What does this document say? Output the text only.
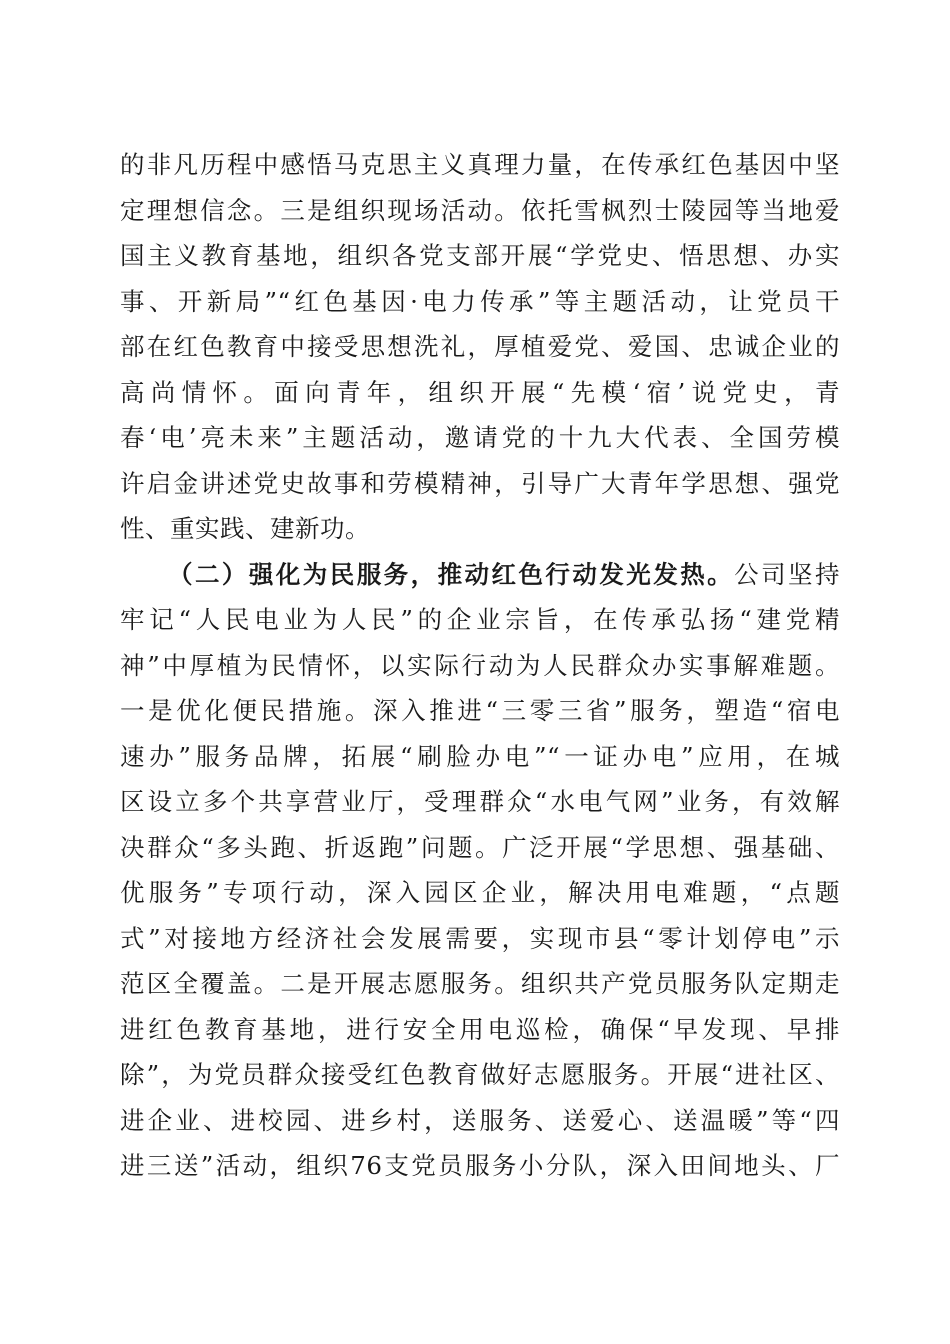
的非凡历程中感悟马克思主义真理力量，在传承红色基因中坚
定理想信念。三是组织现场活动。依托雪枫烈士陵园等当地爱
国主义教育基地，组织各党支部开展“学党史、悟思想、办实
事、开新局”“红色基因·电力传承”等主题活动，让党员干
部在红色教育中接受思想洗礼，厚植爱党、爱国、忠诚企业的
高尚情怀。面向青年，组织开展“先模‘宿’说党史，青
春‘电’亮未来”主题活动，邀请党的十九大代表、全国劳模
许启金讲述党史故事和劳模精神，引导广大青年学思想、强党
性、重实践、建新功。
（二）强化为民服务，推动红色行动发光发热。公司坚持
牢记“人民电业为人民”的企业宗旨，在传承弘扬“建党精
神”中厚植为民情怀，以实际行动为人民群众办实事解难题。
一是优化便民措施。深入推进“三零三省”服务，塑造“宿电
速办”服务品牌，拓展“刷脸办电”“一证办电”应用，在城
区设立多个共享营业厅，受理群众“水电气网”业务，有效解
决群众“多头跑、折返跑”问题。广泛开展“学思想、强基础、
优服务”专项行动，深入园区企业，解决用电难题，“点题
式”对接地方经济社会发展需要，实现市县“零计划停电”示
范区全覆盖。二是开展志愿服务。组织共产党员服务队定期走
进红色教育基地，进行安全用电巡检，确保“早发现、早排
除”，为党员群众接受红色教育做好志愿服务。开展“进社区、
进企业、进校园、进乡村，送服务、送爱心、送温暖”等“四
进三送”活动，组织76支党员服务小分队，深入田间地头、厂
